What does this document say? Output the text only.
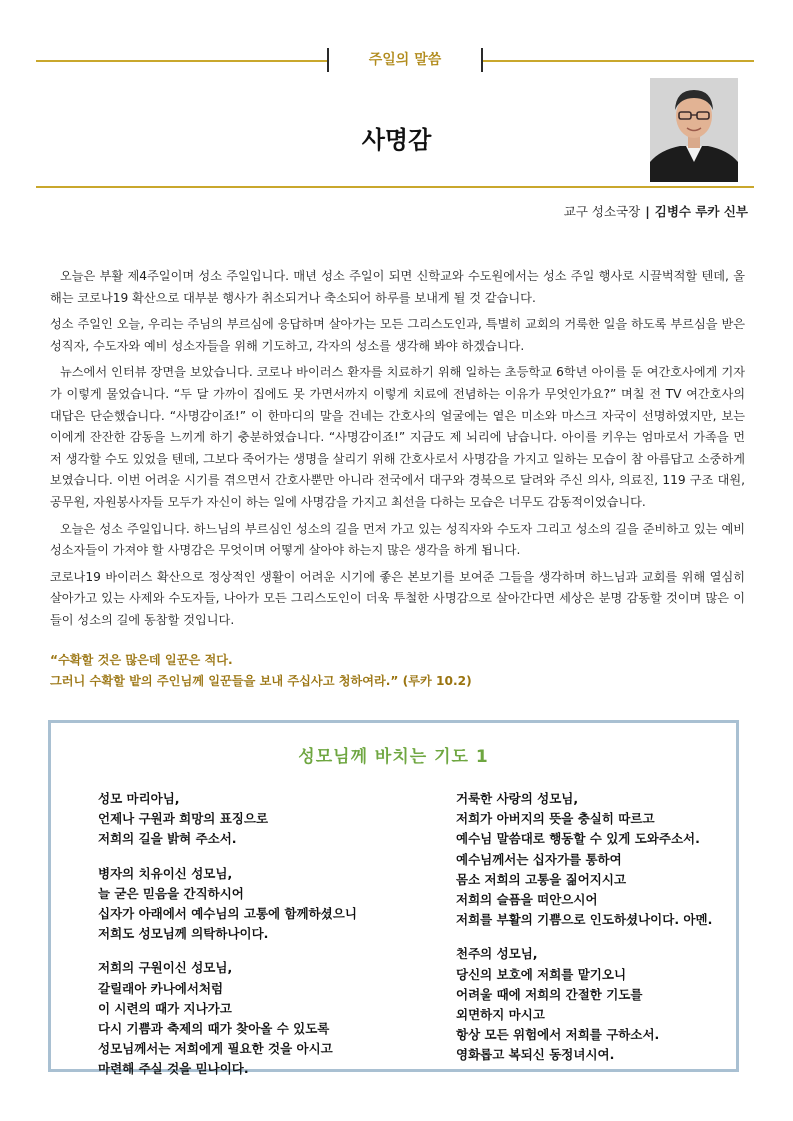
주일의 말씀
사명감
교구 성소국장 | 김병수 루카 신부

오늘은 부활 제4주일이며 성소 주일입니다. 매년 성소 주일이 되면 신학교와 수도원에서는 성소 주일 행사로 시끌벅적할 텐데, 올해는 코로나19 확산으로 대부분 행사가 취소되거나 축소되어 하루를 보내게 될 것 같습니다.

성소 주일인 오늘, 우리는 주님의 부르심에 응답하며 살아가는 모든 그리스도인과, 특별히 교회의 거룩한 일을 하도록 부르심을 받은 성직자, 수도자와 예비 성소자들을 위해 기도하고, 각자의 성소를 생각해 봐야 하겠습니다.

뉴스에서 인터뷰 장면을 보았습니다. 코로나 바이러스 환자를 치료하기 위해 일하는 초등학교 6학년 아이를 둔 여간호사에게 기자가 이렇게 물었습니다. “두 달 가까이 집에도 못 가면서까지 이렇게 치료에 전념하는 이유가 무엇인가요?” 며칠 전 TV 여간호사의 대답은 단순했습니다. “사명감이죠!” 이 한마디의 말을 건네는 간호사의 얼굴에는 옅은 미소와 마스크 자국이 선명하였지만, 보는 이에게 잔잔한 감동을 느끼게 하기 충분하였습니다. “사명감이죠!” 지금도 제 뇌리에 남습니다. 아이를 키우는 엄마로서 가족을 먼저 생각할 수도 있었을 텐데, 그보다 죽어가는 생명을 살리기 위해 간호사로서 사명감을 가지고 일하는 모습이 참 아름답고 소중하게 보였습니다. 이번 어려운 시기를 겪으면서 간호사뿐만 아니라 전국에서 대구와 경북으로 달려와 주신 의사, 의료진, 119 구조 대원, 공무원, 자원봉사자들 모두가 자신이 하는 일에 사명감을 가지고 최선을 다하는 모습은 너무도 감동적이었습니다.

오늘은 성소 주일입니다. 하느님의 부르심인 성소의 길을 먼저 가고 있는 성직자와 수도자 그리고 성소의 길을 준비하고 있는 예비 성소자들이 가져야 할 사명감은 무엇이며 어떻게 살아야 하는지 많은 생각을 하게 됩니다.

코로나19 바이러스 확산으로 정상적인 생활이 어려운 시기에 좋은 본보기를 보여준 그들을 생각하며 하느님과 교회를 위해 열심히 살아가고 있는 사제와 수도자들, 나아가 모든 그리스도인이 더욱 투철한 사명감으로 살아간다면 세상은 분명 감동할 것이며 많은 이들이 성소의 길에 동참할 것입니다.

“수확할 것은 많은데 일꾼은 적다.
그러니 수확할 밭의 주인님께 일꾼들을 보내 주십사고 청하여라.” (루카 10.2)
성모님께 바치는 기도 1
성모 마리아님,
언제나 구원과 희망의 표징으로
저희의 길을 밝혀 주소서.
병자의 치유이신 성모님,
늘 굳은 믿음을 간직하시어
십자가 아래에서 예수님의 고통에 함께하셨으니
저희도 성모님께 의탁하나이다.
저희의 구원이신 성모님,
갈릴래아 카나에서처럼
이 시련의 때가 지나가고
다시 기쁨과 축제의 때가 찾아올 수 있도록
성모님께서는 저희에게 필요한 것을 아시고
마련해 주실 것을 믿나이다.
거룩한 사랑의 성모님,
저희가 아버지의 뜻을 충실히 따르고
예수님 말씀대로 행동할 수 있게 도와주소서.
예수님께서는 십자가를 통하여
몸소 저희의 고통을 짊어지시고
저희의 슬픔을 떠안으시어
저희를 부활의 기쁨으로 인도하셨나이다. 아멘.
천주의 성모님,
당신의 보호에 저희를 맡기오니
어려울 때에 저희의 간절한 기도를
외면하지 마시고
항상 모든 위험에서 저희를 구하소서.
영화롭고 복되신 동정녀시여.
